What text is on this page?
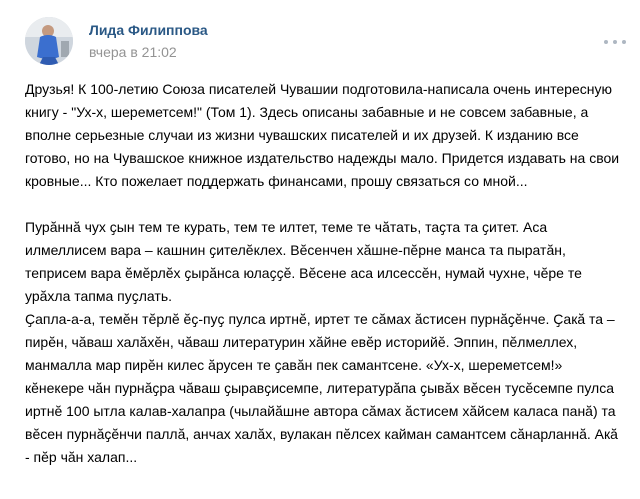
Лида Филиппова
вчера в 21:02

Друзья! К 100-летию Союза писателей Чувашии подготовила-написала очень интересную книгу - "Ух-х, шереметсем!" (Том 1). Здесь описаны забавные и не совсем забавные, а вполне серьезные случаи из жизни чувашских писателей и их друзей. К изданию все готово, но на Чувашское книжное издательство надежды мало. Придется издавать на свои кровные... Кто пожелает поддержать финансами, прошу связаться со мной...

Пурӑннӑ чух ҫын тем те курать, тем те илтет, теме те чӑтать, таҫта та ҫитет. Аса илмеллисем вара – кашнин ҫителӗклех. Вӗсенчен хӑшне-пӗрне манса та пыратӑн, теприсем вара ӗмӗрлӗх ҫырӑнса юлаҫҫӗ. Вӗсене аса илсессӗн, нумай чухне, чӗре те урӑхла тапма пуҫлать.

Ҫапла-а-а, темӗн тӗрлӗ ӗҫ-пуҫ пулса иртнӗ, иртет те сӑмах ӑстисен пурнӑҫӗнче. Ҫакӑ та – пирӗн, чӑваш халӑхӗн, чӑваш литературин хӑйне евӗр историйӗ. Эппин, пӗлмеллех, манмалла мар пирӗн килес ӑрусен те ҫавӑн пек самантсене. «Ух-х, шереметсем!» кӗнекере чӑн пурнӑҫра чӑваш ҫыравҫисемпе, литературӑпа ҫывӑх вӗсен тусӗсемпе пулса иртнӗ 100 ытла калав-халапра (чылайӑшне автора сӑмах ӑстисем хӑйсем каласа панӑ) та вӗсен пурнӑҫӗнчи паллӑ, анчах халӑх, вулакан пӗлсех кайман самантсем сӑнарланнӑ. Акӑ - пӗр чӑн халап...
